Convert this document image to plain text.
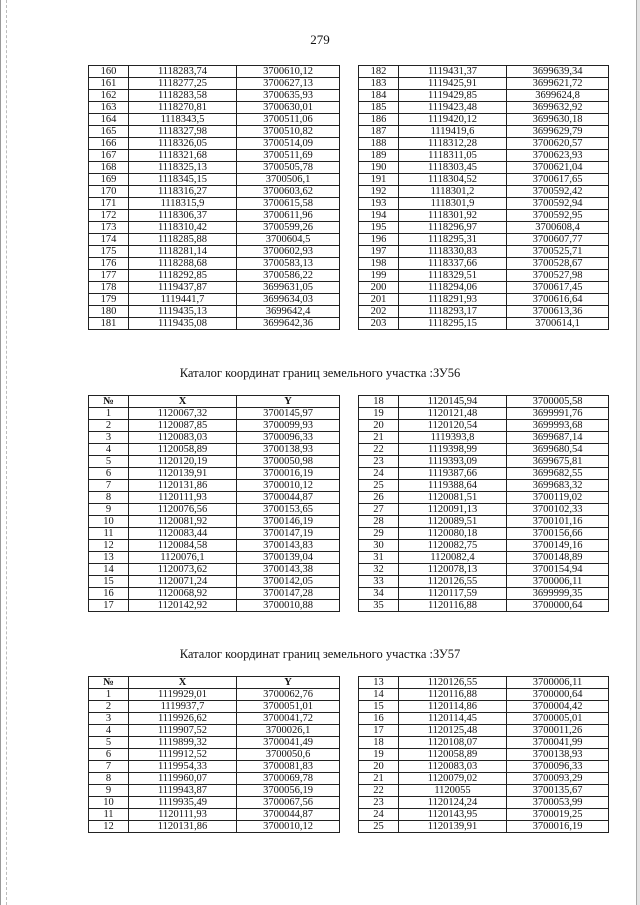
279
160	1118283,74	3700610,12
161	1118277,25	3700627,13
162	1118283,58	3700635,93
163	1118270,81	3700630,01
164	1118343,5	3700511,06
165	1118327,98	3700510,82
166	1118326,05	3700514,09
167	1118321,68	3700511,69
168	1118325,13	3700505,78
169	1118345,15	3700506,1
170	1118316,27	3700603,62
171	1118315,9	3700615,58
172	1118306,37	3700611,96
173	1118310,42	3700599,26
174	1118285,88	3700604,5
175	1118281,14	3700602,93
176	1118288,68	3700583,13
177	1118292,85	3700586,22
178	1119437,87	3699631,05
179	1119441,7	3699634,03
180	1119435,13	3699642,4
181	1119435,08	3699642,36
182	1119431,37	3699639,34
183	1119425,91	3699621,72
184	1119429,85	3699624,8
185	1119423,48	3699632,92
186	1119420,12	3699630,18
187	1119419,6	3699629,79
188	1118312,28	3700620,57
189	1118311,05	3700623,93
190	1118303,45	3700621,04
191	1118304,52	3700617,65
192	1118301,2	3700592,42
193	1118301,9	3700592,94
194	1118301,92	3700592,95
195	1118296,97	3700608,4
196	1118295,31	3700607,77
197	1118330,83	3700525,71
198	1118337,66	3700528,67
199	1118329,51	3700527,98
200	1118294,06	3700617,45
201	1118291,93	3700616,64
202	1118293,17	3700613,36
203	1118295,15	3700614,1
Каталог координат границ земельного участка :ЗУ56
№	X	Y
1	1120067,32	3700145,97
2	1120087,85	3700099,93
3	1120083,03	3700096,33
4	1120058,89	3700138,93
5	1120120,19	3700050,98
6	1120139,91	3700016,19
7	1120131,86	3700010,12
8	1120111,93	3700044,87
9	1120076,56	3700153,65
10	1120081,92	3700146,19
11	1120083,44	3700147,19
12	1120084,58	3700143,83
13	1120076,1	3700139,04
14	1120073,62	3700143,38
15	1120071,24	3700142,05
16	1120068,92	3700147,28
17	1120142,92	3700010,88
18	1120145,94	3700005,58
19	1120121,48	3699991,76
20	1120120,54	3699993,68
21	1119393,8	3699687,14
22	1119398,99	3699680,54
23	1119393,09	3699675,81
24	1119387,66	3699682,55
25	1119388,64	3699683,32
26	1120081,51	3700119,02
27	1120091,13	3700102,33
28	1120089,51	3700101,16
29	1120080,18	3700156,66
30	1120082,75	3700149,16
31	1120082,4	3700148,89
32	1120078,13	3700154,94
33	1120126,55	3700006,11
34	1120117,59	3699999,35
35	1120116,88	3700000,64
Каталог координат границ земельного участка :ЗУ57
№	X	Y
1	1119929,01	3700062,76
2	1119937,7	3700051,01
3	1119926,62	3700041,72
4	1119907,52	3700026,1
5	1119899,32	3700041,49
6	1119912,52	3700050,6
7	1119954,33	3700081,83
8	1119960,07	3700069,78
9	1119943,87	3700056,19
10	1119935,49	3700067,56
11	1120111,93	3700044,87
12	1120131,86	3700010,12
13	1120126,55	3700006,11
14	1120116,88	3700000,64
15	1120114,86	3700004,42
16	1120114,45	3700005,01
17	1120125,48	3700011,26
18	1120108,07	3700041,99
19	1120058,89	3700138,93
20	1120083,03	3700096,33
21	1120079,02	3700093,29
22	1120055	3700135,67
23	1120124,24	3700053,99
24	1120143,95	3700019,25
25	1120139,91	3700016,19
